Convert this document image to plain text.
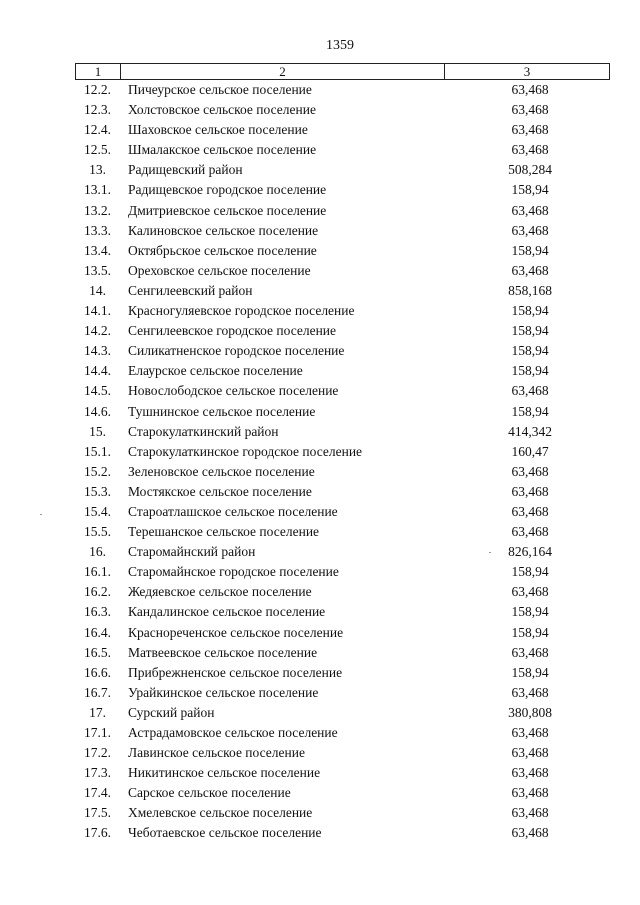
1359
1	2	3
12.2.	Пичеурское сельское поселение	63,468
12.3.	Холстовское сельское поселение	63,468
12.4.	Шаховское сельское поселение	63,468
12.5.	Шмалакское сельское поселение	63,468
13.	Радищевский район	508,284
13.1.	Радищевское городское поселение	158,94
13.2.	Дмитриевское сельское поселение	63,468
13.3.	Калиновское сельское поселение	63,468
13.4.	Октябрьское сельское поселение	158,94
13.5.	Ореховское сельское поселение	63,468
14.	Сенгилеевский район	858,168
14.1.	Красногуляевское городское поселение	158,94
14.2.	Сенгилеевское городское поселение	158,94
14.3.	Силикатненское городское поселение	158,94
14.4.	Елаурское сельское поселение	158,94
14.5.	Новослободское сельское поселение	63,468
14.6.	Тушнинское сельское поселение	158,94
15.	Старокулаткинский район	414,342
15.1.	Старокулаткинское городское поселение	160,47
15.2.	Зеленовское сельское поселение	63,468
15.3.	Мостякское сельское поселение	63,468
15.4.	Староатлашское сельское поселение	63,468
15.5.	Терешанское сельское поселение	63,468
16.	Старомайнский район	826,164
16.1.	Старомайнское городское поселение	158,94
16.2.	Жедяевское сельское поселение	63,468
16.3.	Кандалинское сельское поселение	158,94
16.4.	Краснореченское сельское поселение	158,94
16.5.	Матвеевское сельское поселение	63,468
16.6.	Прибрежненское сельское поселение	158,94
16.7.	Урайкинское сельское поселение	63,468
17.	Сурский район	380,808
17.1.	Астрадамовское сельское поселение	63,468
17.2.	Лавинское сельское поселение	63,468
17.3.	Никитинское сельское поселение	63,468
17.4.	Сарское сельское поселение	63,468
17.5.	Хмелевское сельское поселение	63,468
17.6.	Чеботаевское сельское поселение	63,468
